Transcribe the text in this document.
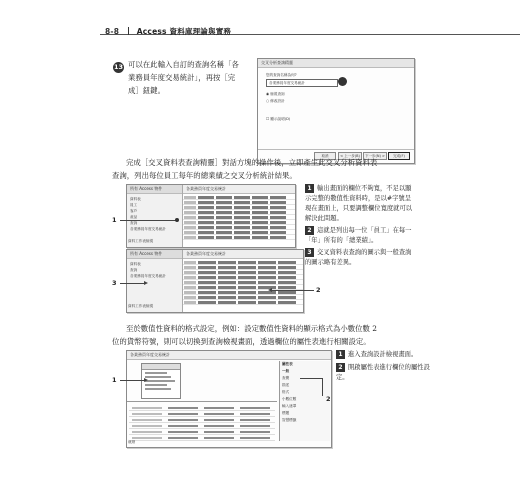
8-8 Access 資料庫理論與實務
13 可以在此輸入自訂的查詢名稱「各
業務員年度交易統計」，再按［完
成］鈕鍵。
交叉分析查詢精靈
您的查詢名稱為何?
各業務員年度交易統計
◉ 檢視查詢
○ 修改設計
☐ 顯示說明(D)
取消	< 上一步(B)	下一步(N) >	完成(F)
完成［交叉資料表查詢精靈］對話方塊的操作後，立即產生此交叉分析資料表
查詢，列出每位員工每年的總業績之交叉分析統計結果。
所有 Access 物件
資料表
員工
客戶
產品
查詢
各業務員年度交易統計
各業務員年度交易統計
資料工作表檢視
所有 Access 物件
資料表
查詢
各業務員年度交易統計
各業務員年度交易統計
資料工作表檢視
1
3
2
1 輸出畫面的欄位不夠寬，不足以顯示完整的數值性資料時，是以#字號呈現在畫面上，只要調整欄位寬度就可以解決此問題。
2 這就是列出每一位「員工」在每一「年」所有的「總業績」。
3 交叉資料表查詢的圖示與一般查詢的圖示略有差異。
至於數值性資料的格式設定，例如：設定數值性資料的顯示格式為小數位數 2
位的貨幣符號，則可以切換到查詢檢視畫面，透過欄位的屬性表進行相關設定。
各業務員年度交易統計
屬性表
一般
查閱
描述
格式
小數位數
輸入遮罩
標題
智慧標籤
就緒
1
2
1 進入查詢設計檢視畫面。
2 開啟屬性表進行欄位的屬性設定。
